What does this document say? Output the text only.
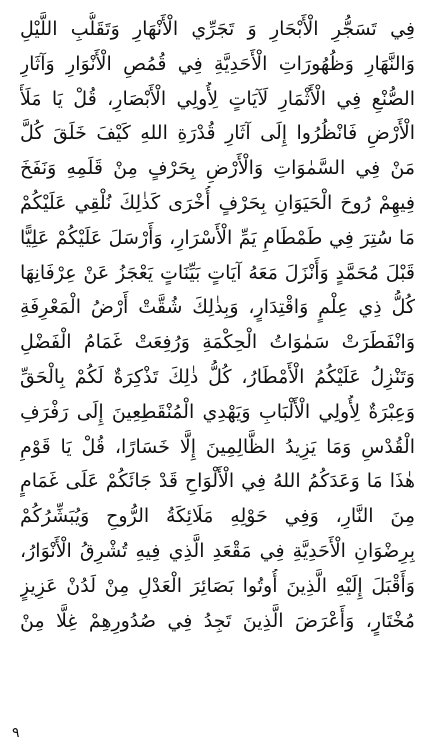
فِي تَسَجُّرِ الْأَبْحَارِ وَ تَجَرِّي الْأَنْهَارِ وَتَقَلُّبِ اللَّيْلِ
وَالنَّهَارِ وَظُهُورَاتِ الْأَحَدِيَّةِ فِي قُمُصِ الْأَنْوَارِ وَآثَارِ
الصُّنْعِ فِي الْأَثْمَارِ لَآيَاتٍ لِأُولِي الْأَبْصَارِ، قُلْ يَا مَلَأَ
الْأَرْضِ فَانْظُرُوا إِلَى آثَارِ قُدْرَةِ اللهِ كَيْفَ خَلَقَ كُلَّ
مَنْ فِي السَّمٰوَاتِ وَالْأَرْضِ بِحَرْفٍ مِنْ قَلَمِهِ وَنَفَخَ
فِيهِمْ رُوحَ الْحَيَوَانِ بِحَرْفٍ أُخْرَى كَذٰلِكَ نُلْقِي عَلَيْكُمْ
مَا سُتِرَ فِي طَمْطَامِ يَمِّ الْأَسْرَارِ، وَأَرْسَلَ عَلَيْكُمْ عَلِيًّا
قَبْلَ مُحَمَّدٍ وَأَنْزَلَ مَعَهُ آيَاتٍ بَيِّنَاتٍ يَعْجَزُ عَنْ عِرْفَانِهَا
كُلُّ ذِي عِلْمٍ وَاقْتِدَارٍ، وَبِذٰلِكَ شُقَّتْ أَرْضُ الْمَعْرِفَةِ
وَانْفَطَرَتْ سَمٰوَاتُ الْحِكْمَةِ وَرُفِعَتْ غَمَامُ الْفَضْلِ
وَتَنْزِلُ عَلَيْكُمُ الْأَمْطَارُ، كُلُّ ذٰلِكَ تَذْكِرَةٌ لَكُمْ بِالْحَقِّ
وَعِبْرَةٌ لِأُولِي الْأَلْبَابِ وَيَهْدِي الْمُنْقَطِعِينَ إِلَى رَفْرَفِ
الْقُدْسِ وَمَا يَزِيدُ الظَّالِمِينَ إِلَّا خَسَارًا، قُلْ يَا قَوْمِ
هٰذَا مَا وَعَدَكُمُ اللهُ فِي الْأَلْوَاحِ قَدْ جَائَكُمْ عَلَى غَمَامٍ
مِنَ النَّارِ، وَفِي حَوْلِهِ مَلَائِكَةُ الرُّوحِ وَيُبَشِّرُكُمْ
بِرِضْوَانِ الْأَحَدِيَّةِ فِي مَقْعَدِ الَّذِي فِيهِ تُشْرِقُ الْأَنْوَارُ،
وَأَقْبَلَ إِلَيْهِ الَّذِينَ أُوتُوا بَصَائِرَ الْعَدْلِ مِنْ لَدُنْ عَزِيزٍ
مُخْتَارٍ، وَأَعْرَضَ الَّذِينَ تَجِدُ فِي صُدُورِهِمْ غِلًّا مِنْ
٩
